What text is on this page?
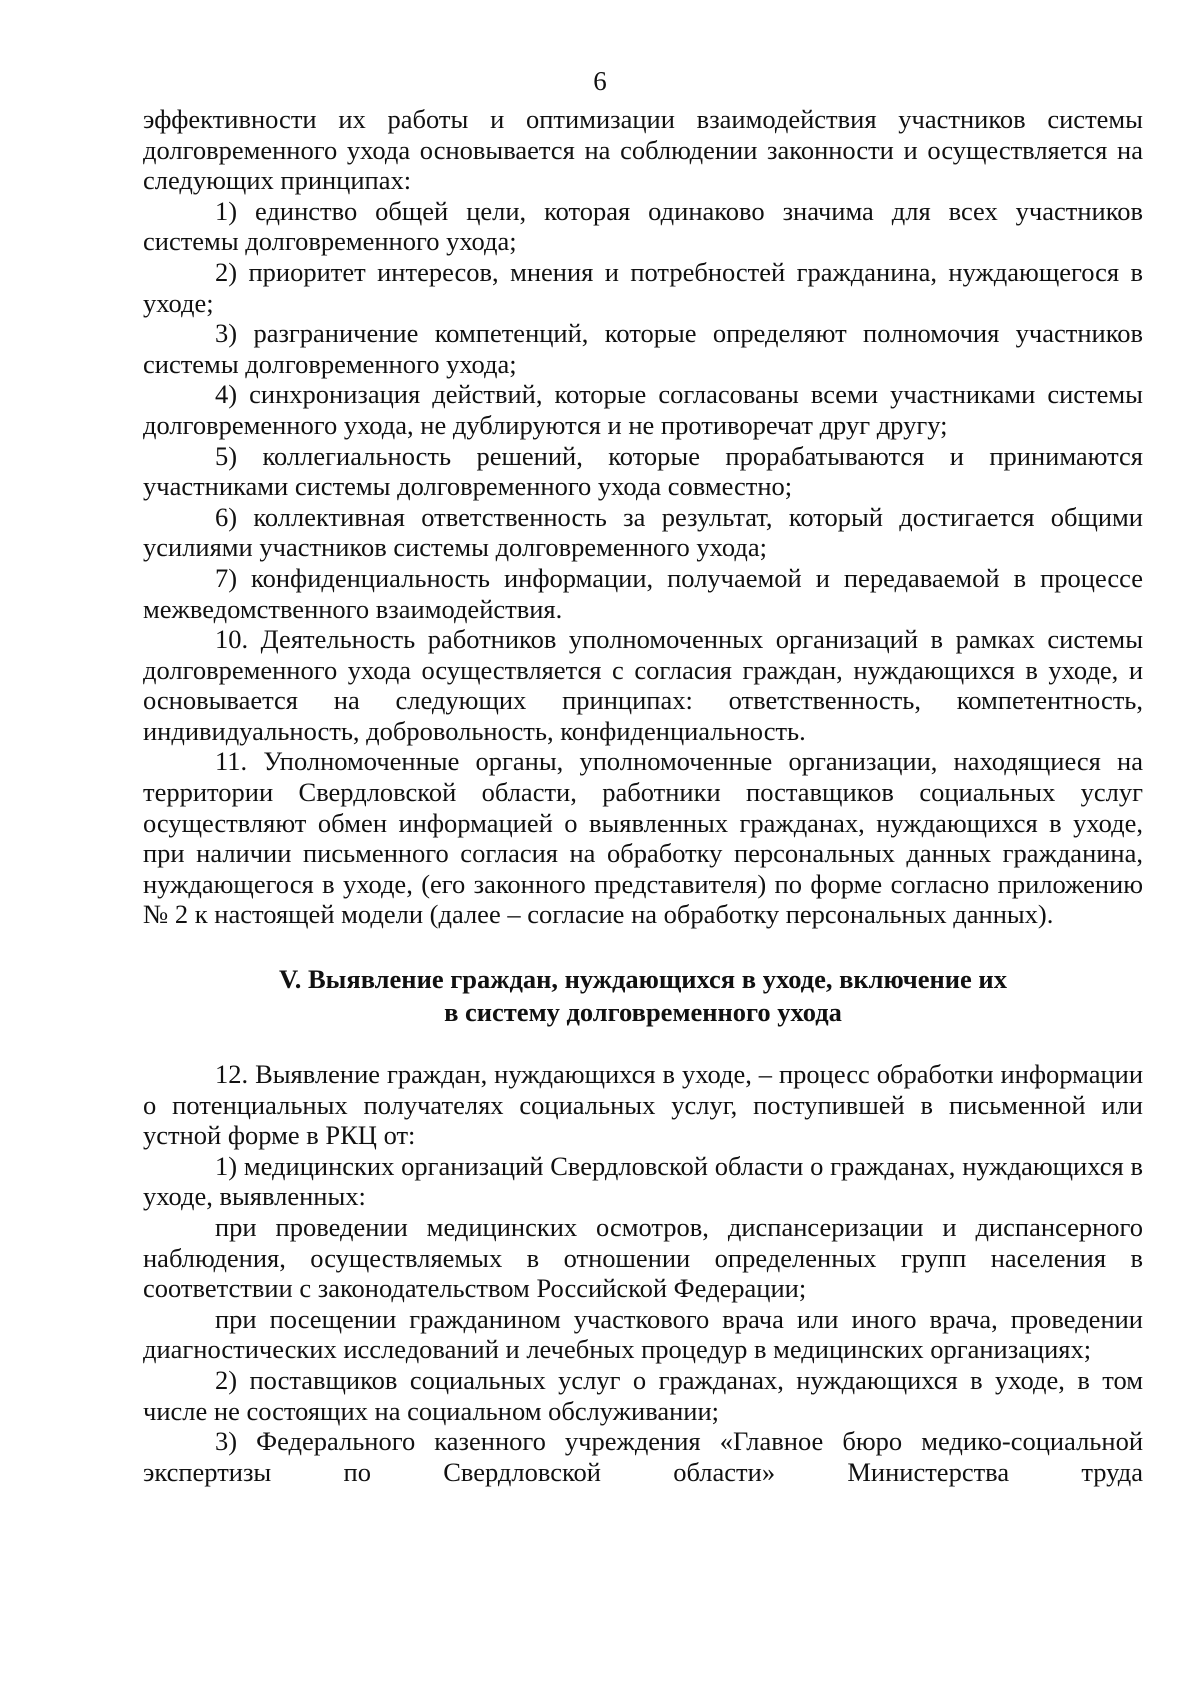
6

эффективности их работы и оптимизации взаимодействия участников системы долговременного ухода основывается на соблюдении законности и осуществляется на следующих принципах:

1) единство общей цели, которая одинаково значима для всех участников системы долговременного ухода;

2) приоритет интересов, мнения и потребностей гражданина, нуждающегося в уходе;

3) разграничение компетенций, которые определяют полномочия участников системы долговременного ухода;

4) синхронизация действий, которые согласованы всеми участниками системы долговременного ухода, не дублируются и не противоречат друг другу;

5) коллегиальность решений, которые прорабатываются и принимаются участниками системы долговременного ухода совместно;

6) коллективная ответственность за результат, который достигается общими усилиями участников системы долговременного ухода;

7) конфиденциальность информации, получаемой и передаваемой в процессе межведомственного взаимодействия.

10. Деятельность работников уполномоченных организаций в рамках системы долговременного ухода осуществляется с согласия граждан, нуждающихся в уходе, и основывается на следующих принципах: ответственность, компетентность, индивидуальность, добровольность, конфиденциальность.

11. Уполномоченные органы, уполномоченные организации, находящиеся на территории Свердловской области, работники поставщиков социальных услуг осуществляют обмен информацией о выявленных гражданах, нуждающихся в уходе, при наличии письменного согласия на обработку персональных данных гражданина, нуждающегося в уходе, (его законного представителя) по форме согласно приложению № 2 к настоящей модели (далее – согласие на обработку персональных данных).

V. Выявление граждан, нуждающихся в уходе, включение их
в систему долговременного ухода

12. Выявление граждан, нуждающихся в уходе, – процесс обработки информации о потенциальных получателях социальных услуг, поступившей в письменной или устной форме в РКЦ от:

1) медицинских организаций Свердловской области о гражданах, нуждающихся в уходе, выявленных:

при проведении медицинских осмотров, диспансеризации и диспансерного наблюдения, осуществляемых в отношении определенных групп населения в соответствии с законодательством Российской Федерации;

при посещении гражданином участкового врача или иного врача, проведении диагностических исследований и лечебных процедур в медицинских организациях;

2) поставщиков социальных услуг о гражданах, нуждающихся в уходе, в том числе не состоящих на социальном обслуживании;

3) Федерального казенного учреждения «Главное бюро медико-социальной экспертизы по Свердловской области» Министерства труда
